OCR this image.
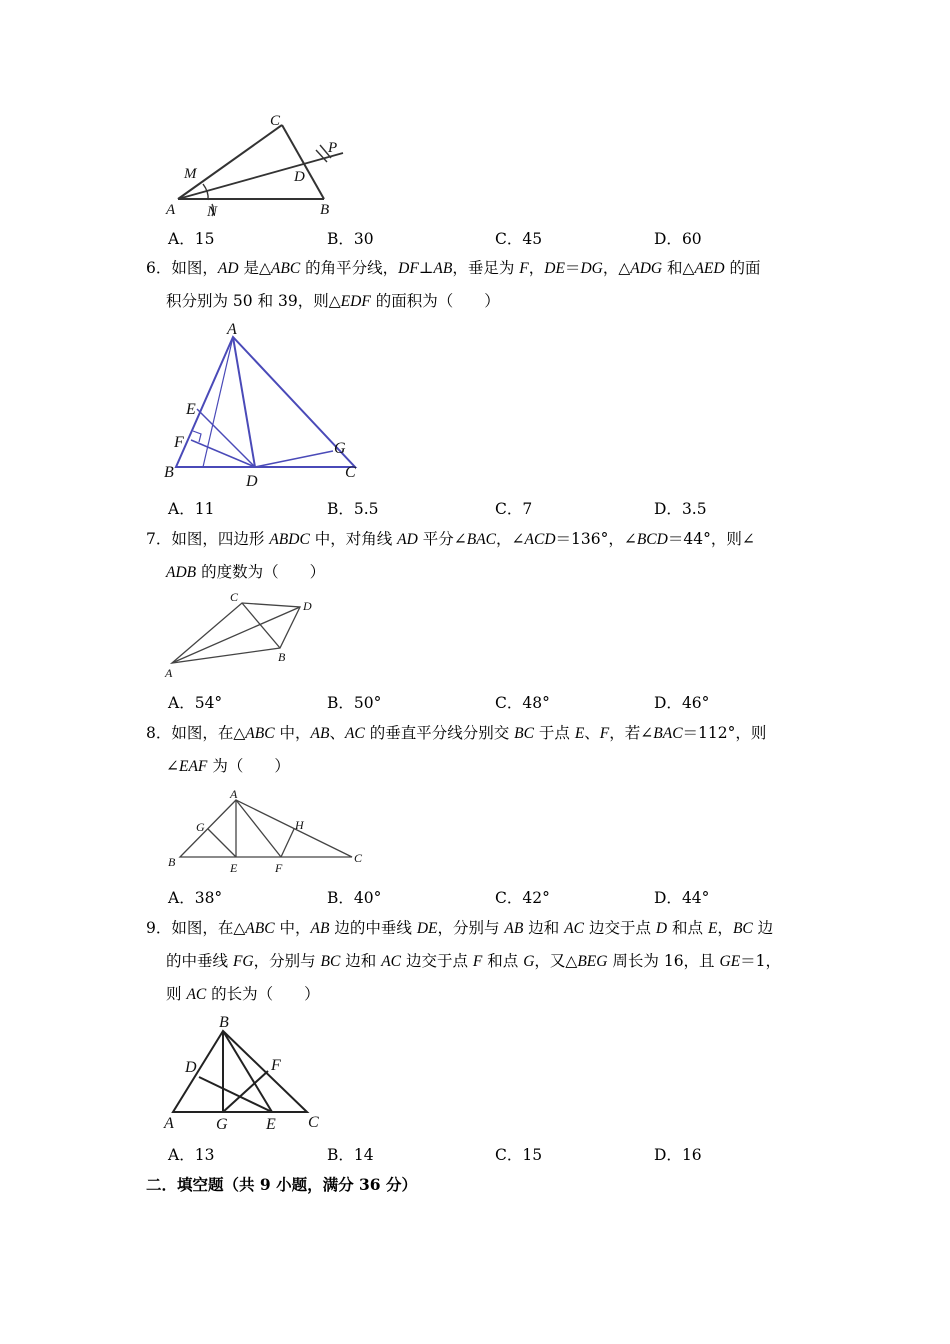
C
M
P
D
A N	B
A．15	B．30	C．45	D．60

6．如图，AD 是△ABC 的角平分线，DF⊥AB，垂足为 F，DE＝DG，△ADG 和△AED 的面

积分别为 50 和 39，则△EDF 的面积为（　　）

A
E
F	G
B
D
C
A．11	B．5.5	C．7	D．3.5

7．如图，四边形 ABDC 中，对角线 AD 平分∠BAC，∠ACD＝136°，∠BCD＝44°，则∠

ADB 的度数为（　　）

C
D
B
A
A．54°	B．50°	C．48°	D．46°

8．如图，在△ABC 中，AB、AC 的垂直平分线分别交 BC 于点 E、F，若∠BAC＝112°，则

∠EAF 为（　　）

A
G	H
B	E	F
C
A．38°	B．40°	C．42°	D．44°

9．如图，在△ABC 中，AB 边的中垂线 DE，分别与 AB 边和 AC 边交于点 D 和点 E，BC 边

的中垂线 FG，分别与 BC 边和 AC 边交于点 F 和点 G，又△BEG 周长为 16，且 GE＝1，

则 AC 的长为（　　）

B
D	F
A	G E C
A．13	B．14	C．15	D．16
二．填空题（共 9 小题，满分 36 分）
